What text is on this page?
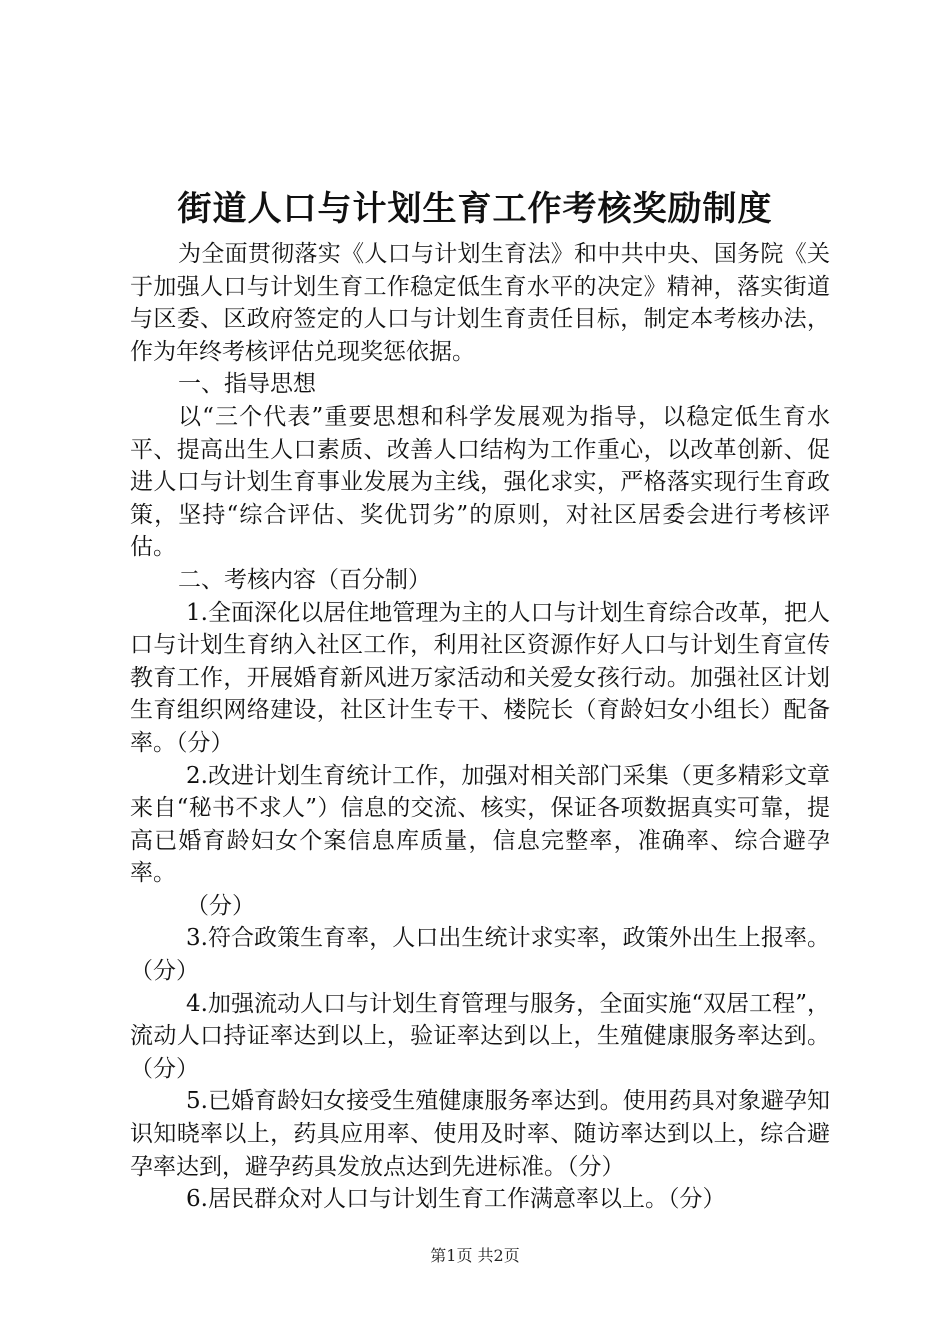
街道人口与计划生育工作考核奖励制度

为全面贯彻落实《人口与计划生育法》和中共中央、国务院《关于加强人口与计划生育工作稳定低生育水平的决定》精神，落实街道与区委、区政府签定的人口与计划生育责任目标，制定本考核办法，作为年终考核评估兑现奖惩依据。

一、指导思想

以“三个代表”重要思想和科学发展观为指导，以稳定低生育水平、提高出生人口素质、改善人口结构为工作重心，以改革创新、促进人口与计划生育事业发展为主线，强化求实，严格落实现行生育政策，坚持“综合评估、奖优罚劣”的原则，对社区居委会进行考核评估。

二、考核内容（百分制）

1.全面深化以居住地管理为主的人口与计划生育综合改革，把人口与计划生育纳入社区工作，利用社区资源作好人口与计划生育宣传教育工作，开展婚育新风进万家活动和关爱女孩行动。加强社区计划生育组织网络建设，社区计生专干、楼院长（育龄妇女小组长）配备率。（分）

2.改进计划生育统计工作，加强对相关部门采集（更多精彩文章来自“秘书不求人”）信息的交流、核实，保证各项数据真实可靠，提高已婚育龄妇女个案信息库质量，信息完整率，准确率、综合避孕率。

（分）

3.符合政策生育率，人口出生统计求实率，政策外出生上报率。（分）

4.加强流动人口与计划生育管理与服务，全面实施“双居工程”，流动人口持证率达到以上，验证率达到以上，生殖健康服务率达到。（分）

5.已婚育龄妇女接受生殖健康服务率达到。使用药具对象避孕知识知晓率以上，药具应用率、使用及时率、随访率达到以上，综合避孕率达到，避孕药具发放点达到先进标准。（分）

6.居民群众对人口与计划生育工作满意率以上。（分）

第1页 共2页
